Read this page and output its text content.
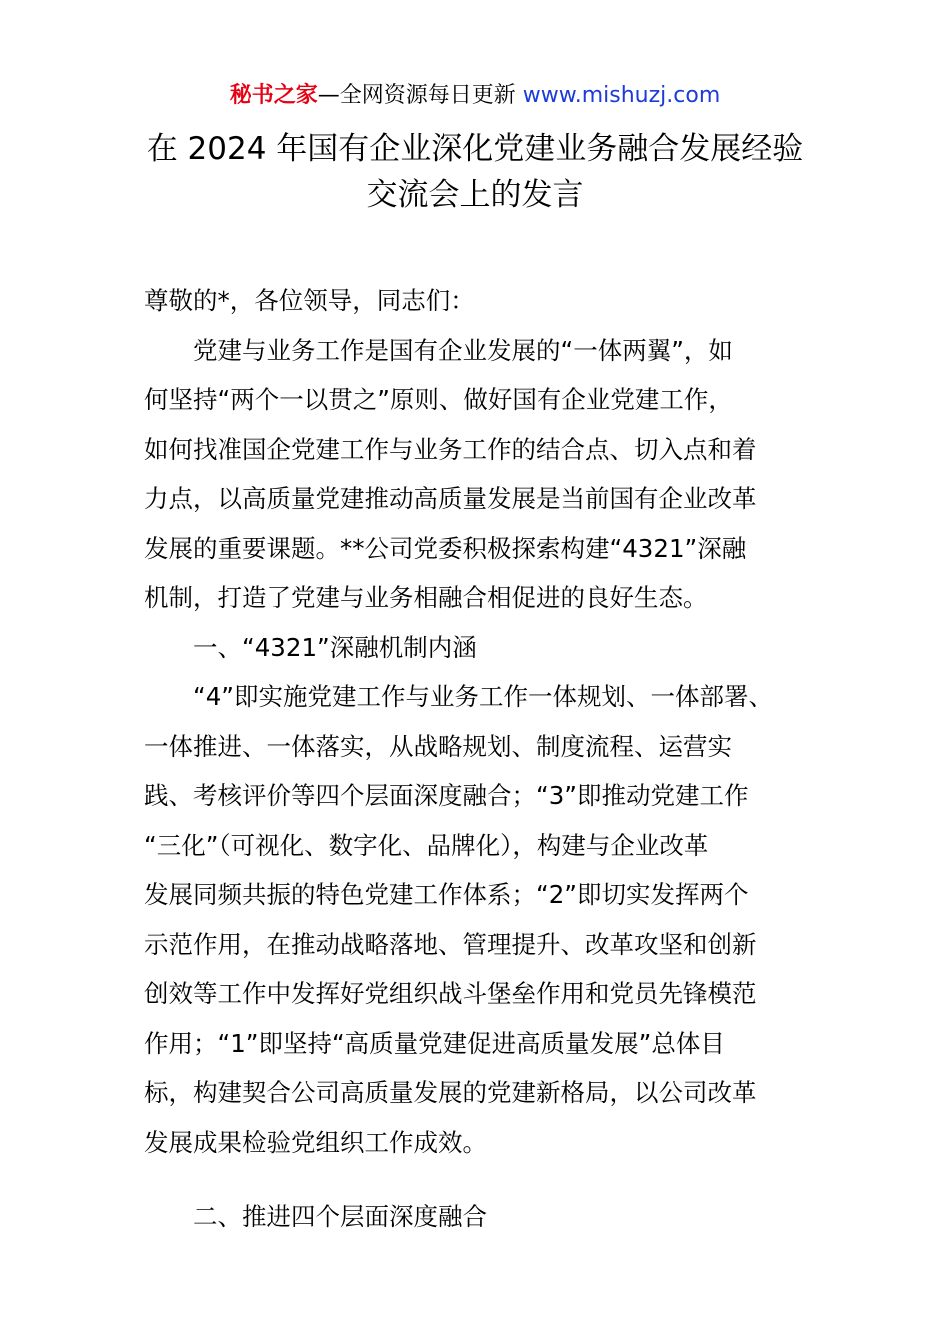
秘书之家—全网资源每日更新 www.mishuzj.com
在 2024 年国有企业深化党建业务融合发展经验
交流会上的发言
尊敬的*，各位领导，同志们：
党建与业务工作是国有企业发展的“一体两翼”，如
何坚持“两个一以贯之”原则、做好国有企业党建工作，
如何找准国企党建工作与业务工作的结合点、切入点和着
力点，以高质量党建推动高质量发展是当前国有企业改革
发展的重要课题。**公司党委积极探索构建“4321”深融
机制，打造了党建与业务相融合相促进的良好生态。
一、“4321”深融机制内涵
“4”即实施党建工作与业务工作一体规划、一体部署、
一体推进、一体落实，从战略规划、制度流程、运营实
践、考核评价等四个层面深度融合；“3”即推动党建工作
“三化”（可视化、数字化、品牌化），构建与企业改革
发展同频共振的特色党建工作体系；“2”即切实发挥两个
示范作用，在推动战略落地、管理提升、改革攻坚和创新
创效等工作中发挥好党组织战斗堡垒作用和党员先锋模范
作用；“1”即坚持“高质量党建促进高质量发展”总体目
标，构建契合公司高质量发展的党建新格局，以公司改革
发展成果检验党组织工作成效。
二、推进四个层面深度融合
